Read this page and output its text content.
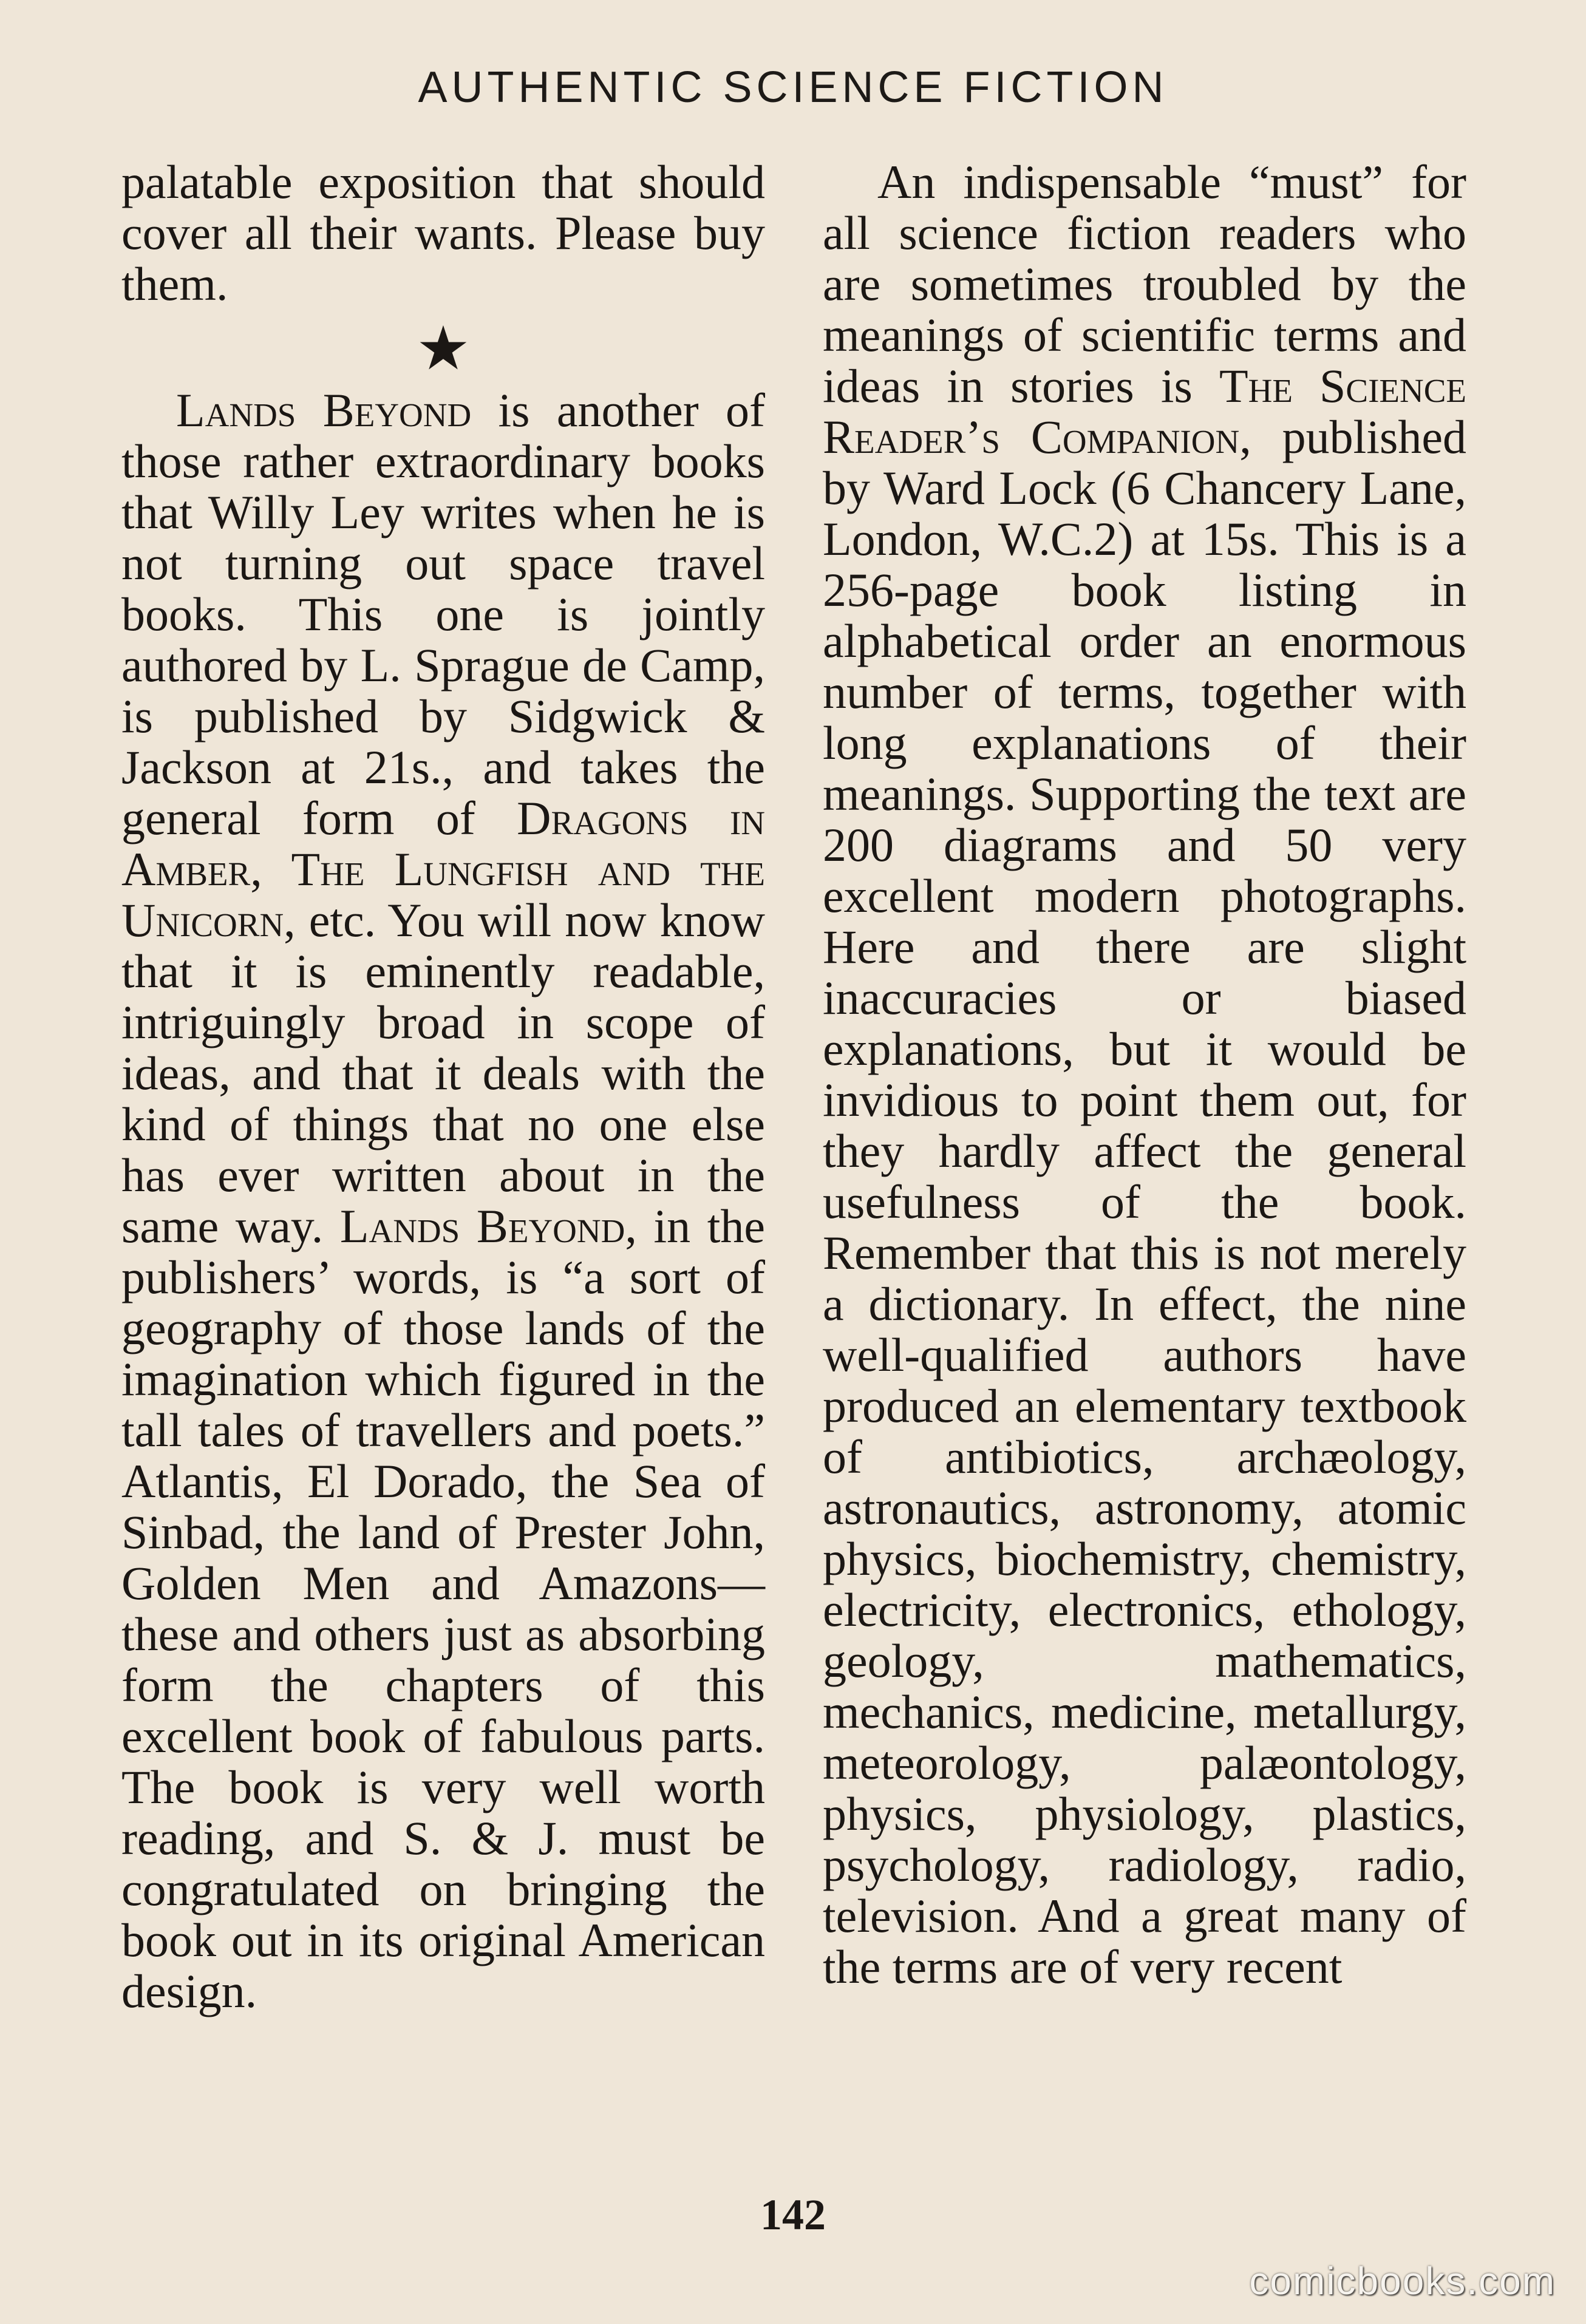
AUTHENTIC SCIENCE FICTION

palatable exposition that should cover all their wants. Please buy them.

★

Lands Beyond is another of those rather extraordinary books that Willy Ley writes when he is not turning out space travel books. This one is jointly authored by L. Sprague de Camp, is published by Sidgwick & Jackson at 21s., and takes the general form of Dragons in Amber, The Lungfish and the Unicorn, etc. You will now know that it is eminently readable, intriguingly broad in scope of ideas, and that it deals with the kind of things that no one else has ever written about in the same way. Lands Beyond, in the publishers’ words, is “a sort of geography of those lands of the imagination which figured in the tall tales of travellers and poets.” Atlantis, El Dorado, the Sea of Sinbad, the land of Prester John, Golden Men and Amazons—these and others just as absorbing form the chapters of this excellent book of fabulous parts. The book is very well worth reading, and S. & J. must be congratulated on bringing the book out in its original American design.

An indispensable “must” for all science fiction readers who are sometimes troubled by the meanings of scientific terms and ideas in stories is The Science Reader’s Companion, published by Ward Lock (6 Chancery Lane, London, W.C.2) at 15s. This is a 256-page book listing in alphabetical order an enormous number of terms, together with long explanations of their meanings. Supporting the text are 200 diagrams and 50 very excellent modern photographs. Here and there are slight inaccuracies or biased explanations, but it would be invidious to point them out, for they hardly affect the general usefulness of the book. Remember that this is not merely a dictionary. In effect, the nine well-qualified authors have produced an elementary textbook of antibiotics, archæology, astronautics, astronomy, atomic physics, biochemistry, chemistry, electricity, electronics, ethology, geology, mathematics, mechanics, medicine, metallurgy, meteorology, palæontology, physics, physiology, plastics, psychology, radiology, radio, television. And a great many of the terms are of very recent

142
comicbooks.com
